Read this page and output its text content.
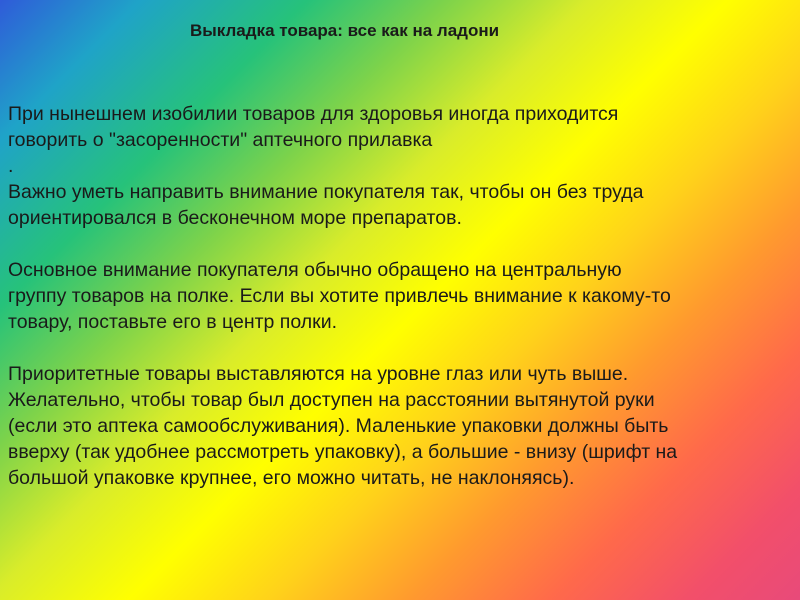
Выкладка товара: все как на ладони

При нынешнем изобилии товаров для здоровья иногда приходится
говорить о "засоренности" аптечного прилавка
.
Важно уметь направить внимание покупателя так, чтобы он без труда
ориентировался в бесконечном море препаратов.

Основное внимание покупателя обычно обращено на центральную
группу товаров на полке. Если вы хотите привлечь внимание к какому-то
товару, поставьте его в центр полки.

Приоритетные товары выставляются на уровне глаз или чуть выше.
Желательно, чтобы товар был доступен на расстоянии вытянутой руки
(если это аптека самообслуживания). Маленькие упаковки должны быть
вверху (так удобнее рассмотреть упаковку), а большие - внизу (шрифт на
большой упаковке крупнее, его можно читать, не наклоняясь).
